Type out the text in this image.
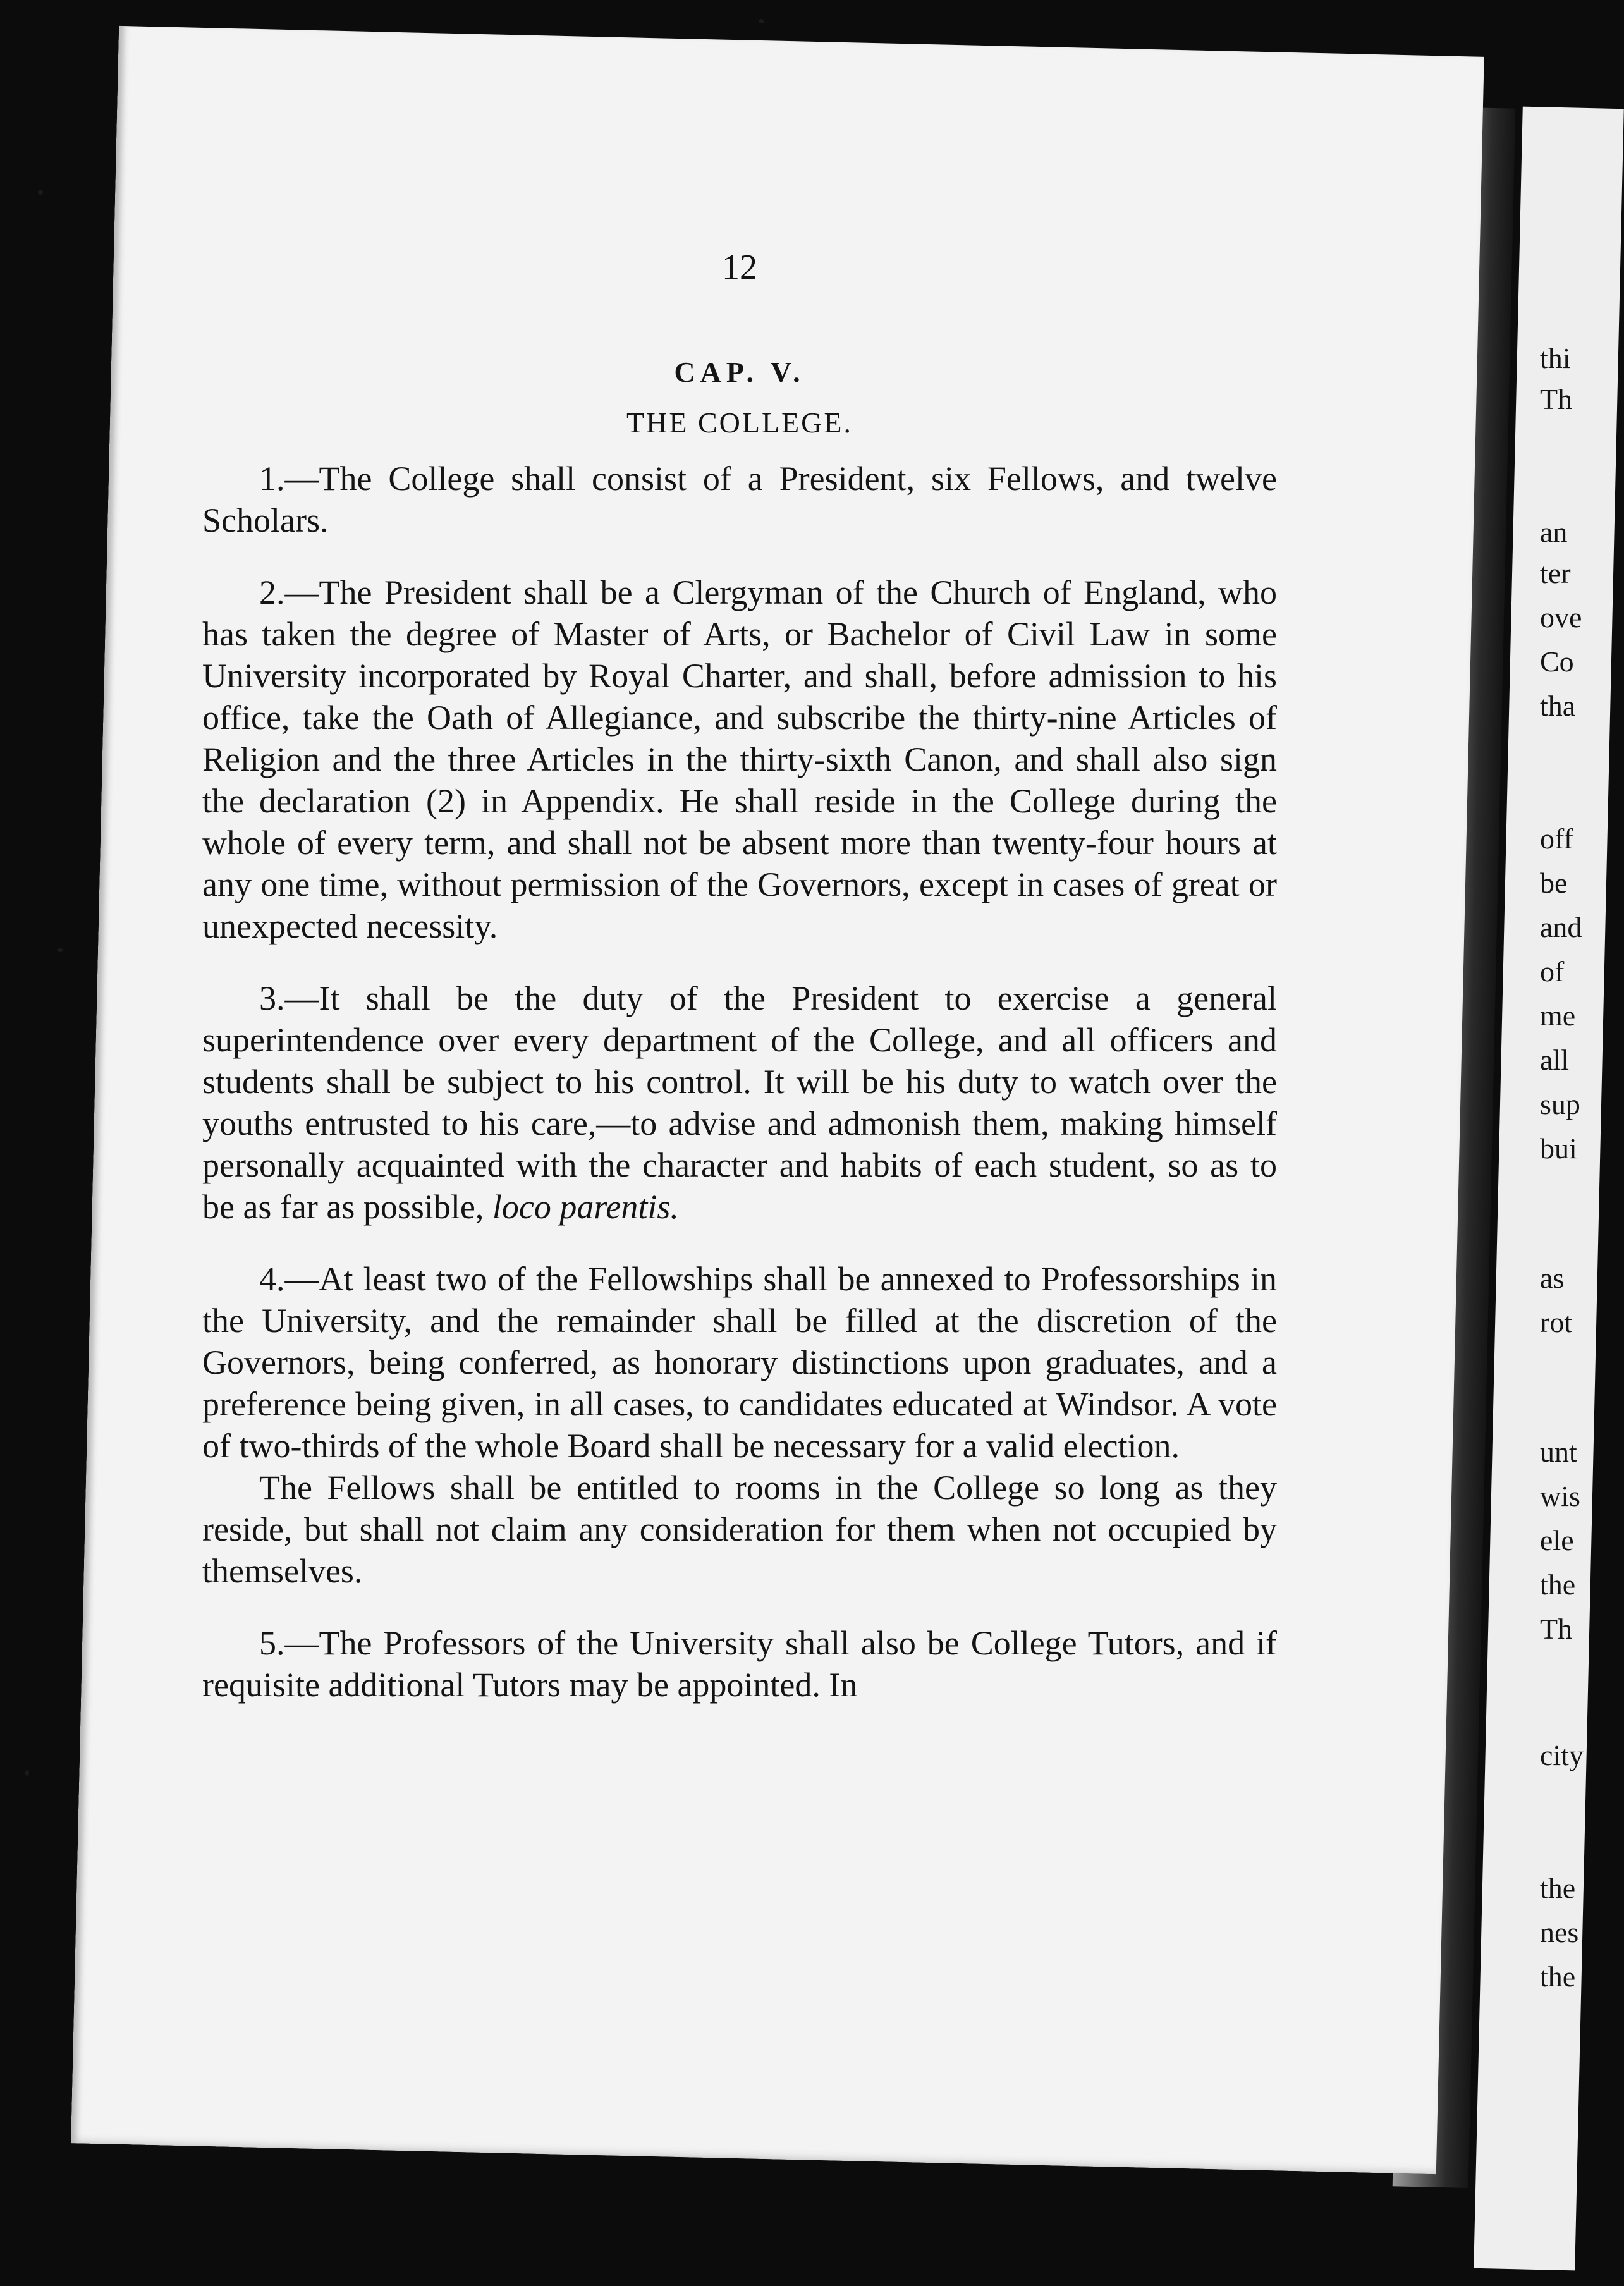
12
CAP. V.
THE COLLEGE.

1.—The College shall consist of a President, six Fellows, and twelve Scholars.

2.—The President shall be a Clergyman of the Church of England, who has taken the degree of Master of Arts, or Bachelor of Civil Law in some University incorporated by Royal Charter, and shall, before admission to his office, take the Oath of Allegiance, and subscribe the thirty-nine Articles of Religion and the three Articles in the thirty-sixth Canon, and shall also sign the declaration (2) in Appendix. He shall reside in the College during the whole of every term, and shall not be absent more than twenty-four hours at any one time, without permission of the Governors, except in cases of great or unexpected necessity.

3.—It shall be the duty of the President to exercise a general superintendence over every department of the College, and all officers and students shall be subject to his control. It will be his duty to watch over the youths entrusted to his care,—to advise and admonish them, making himself personally acquainted with the character and habits of each student, so as to be as far as possible, loco parentis.

4.—At least two of the Fellowships shall be annexed to Professorships in the University, and the remainder shall be filled at the discretion of the Governors, being conferred, as honorary distinctions upon graduates, and a preference being given, in all cases, to candidates educated at Windsor. A vote of two-thirds of the whole Board shall be necessary for a valid election.

The Fellows shall be entitled to rooms in the College so long as they reside, but shall not claim any consideration for them when not occupied by themselves.

5.—The Professors of the University shall also be College Tutors, and if requisite additional Tutors may be appointed. In

thi
Th
an
ter
ove
Co
tha
off
be
and
of
me
all
sup
bui
as
rot
unt
wis
ele
the
Th
city
the
nes
the
